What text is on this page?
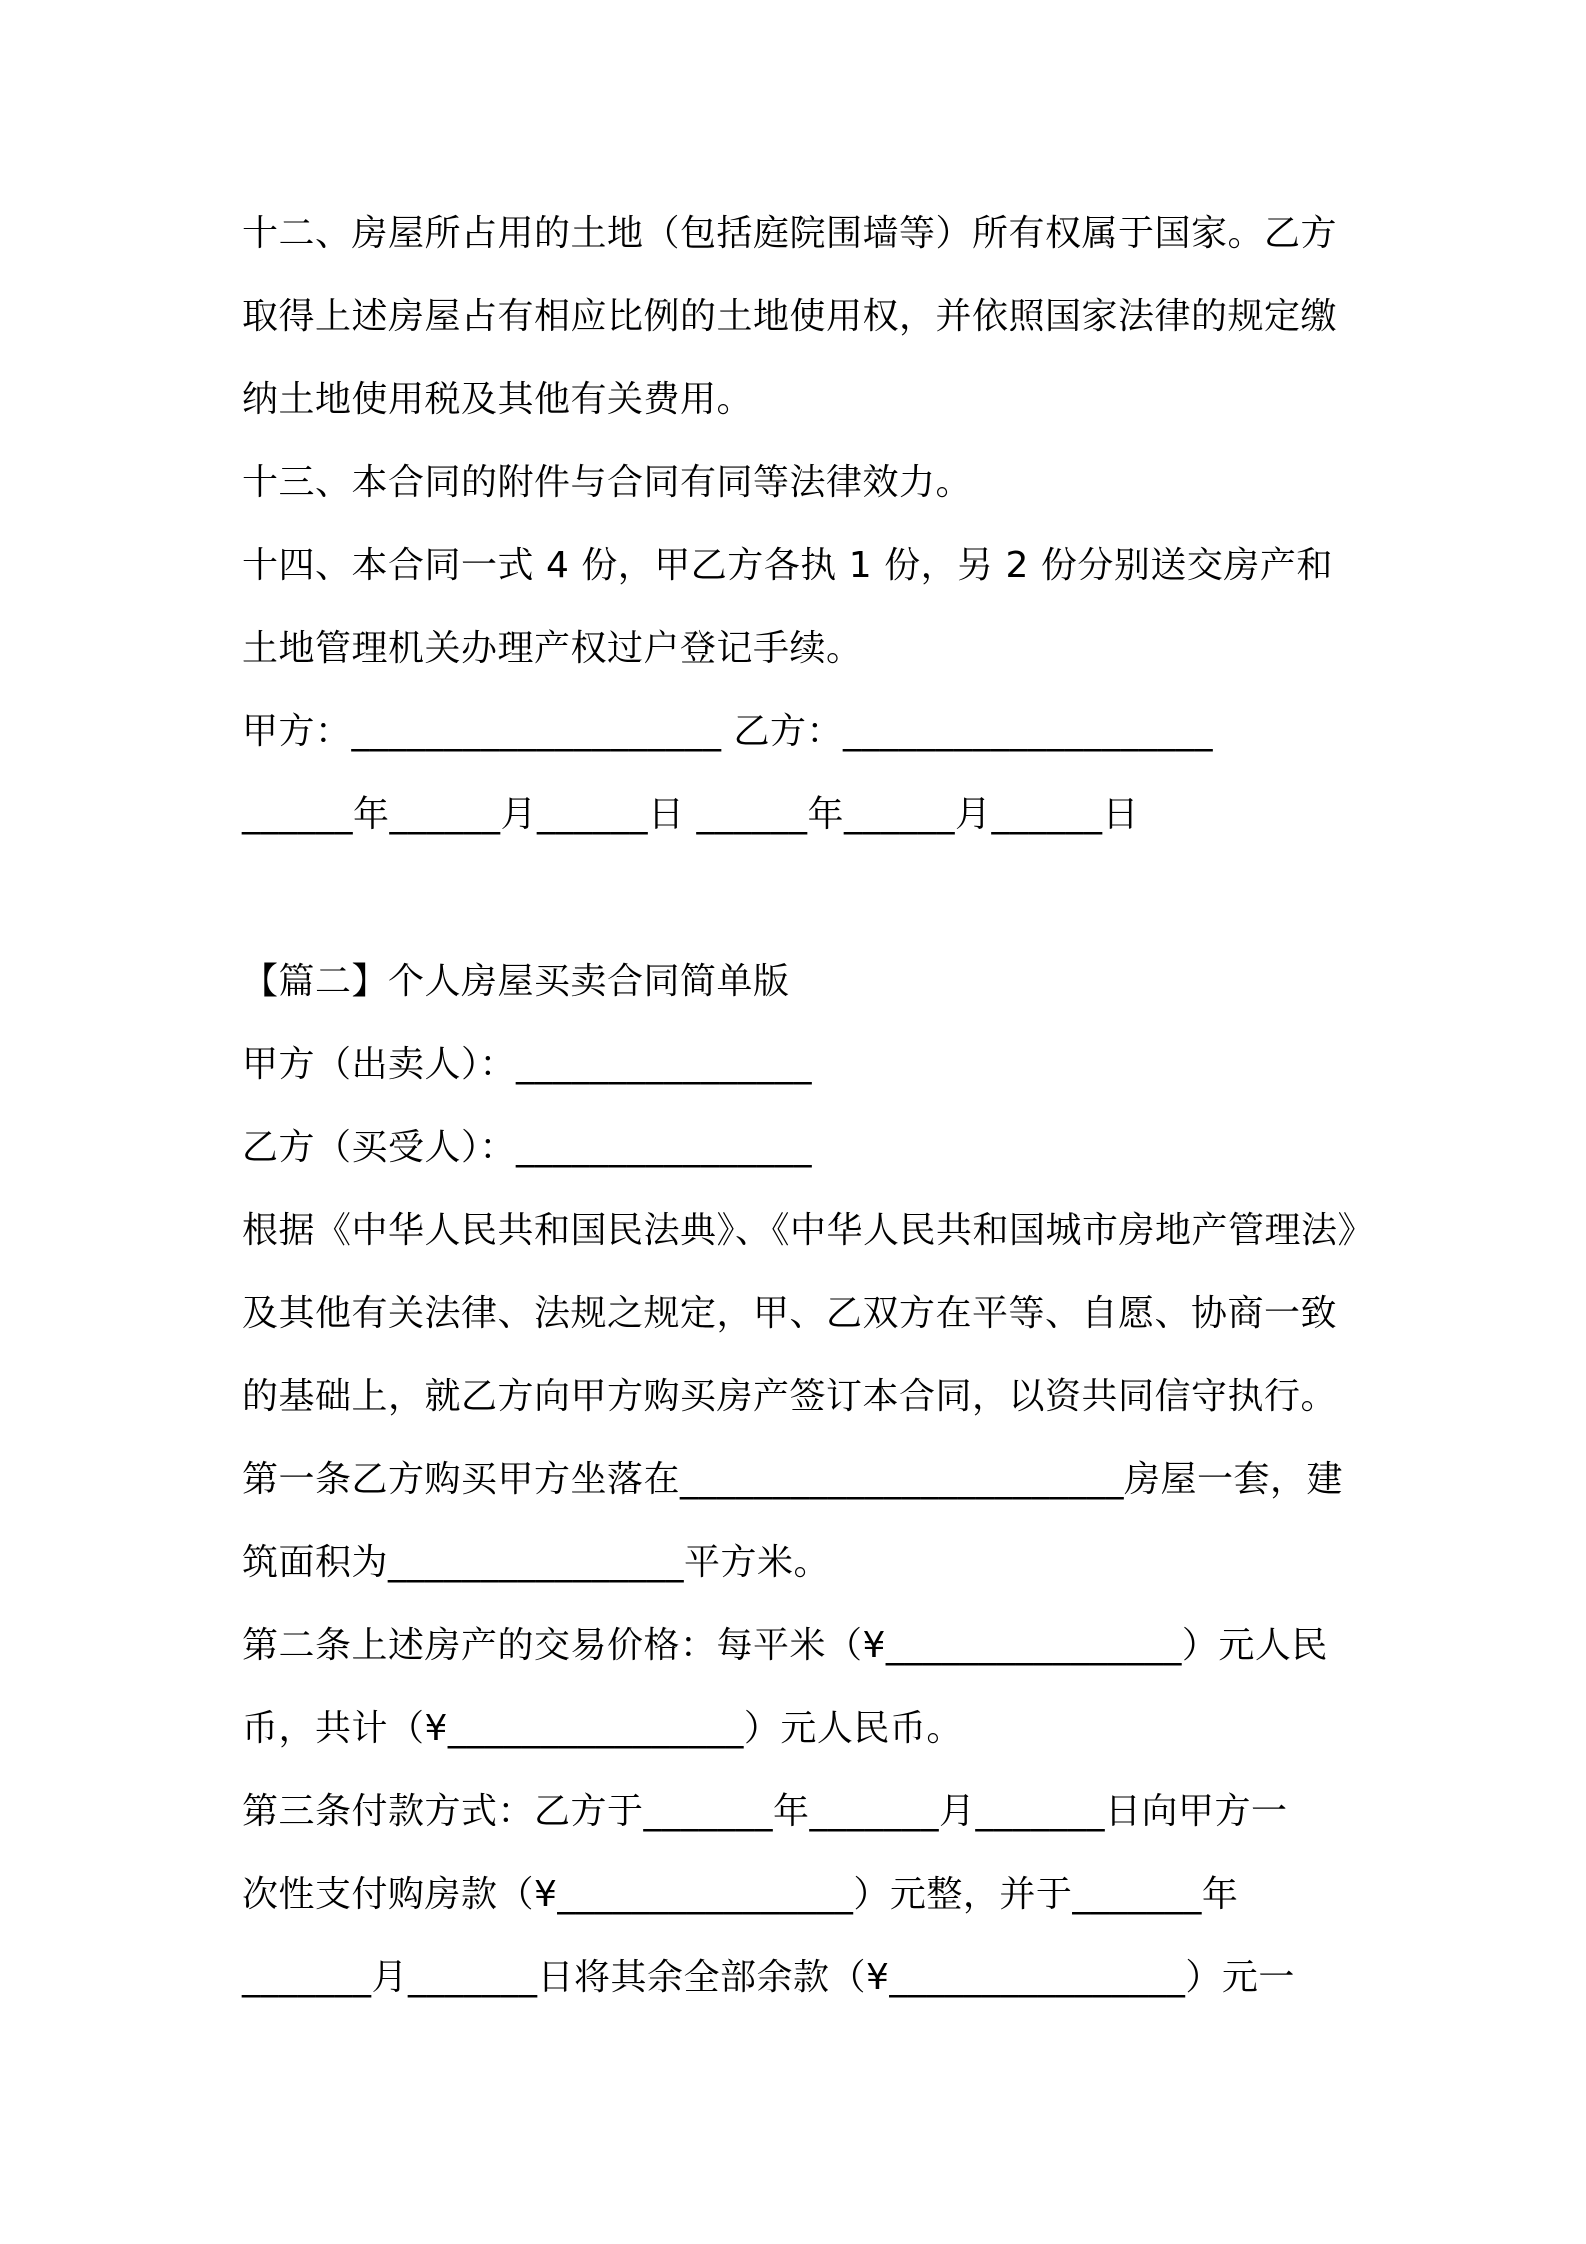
十二、房屋所占用的土地（包括庭院围墙等）所有权属于国家。乙方
取得上述房屋占有相应比例的土地使用权，并依照国家法律的规定缴
纳土地使用税及其他有关费用。
十三、本合同的附件与合同有同等法律效力。
十四、本合同一式 4 份，甲乙方各执 1 份，另 2 份分别送交房产和
土地管理机关办理产权过户登记手续。
甲方：____________________ 乙方：____________________
______年______月______日 ______年______月______日
【篇二】个人房屋买卖合同简单版
甲方（出卖人）：________________
乙方（买受人）：________________
根据《中华人民共和国民法典》、《中华人民共和国城市房地产管理法》
及其他有关法律、法规之规定，甲、乙双方在平等、自愿、协商一致
的基础上，就乙方向甲方购买房产签订本合同，以资共同信守执行。
第一条乙方购买甲方坐落在________________________房屋一套，建
筑面积为________________平方米。
第二条上述房产的交易价格：每平米（¥________________）元人民
币，共计（¥________________）元人民币。
第三条付款方式：乙方于_______年_______月_______日向甲方一
次性支付购房款（¥________________）元整，并于_______年
_______月_______日将其余全部余款（¥________________）元一
